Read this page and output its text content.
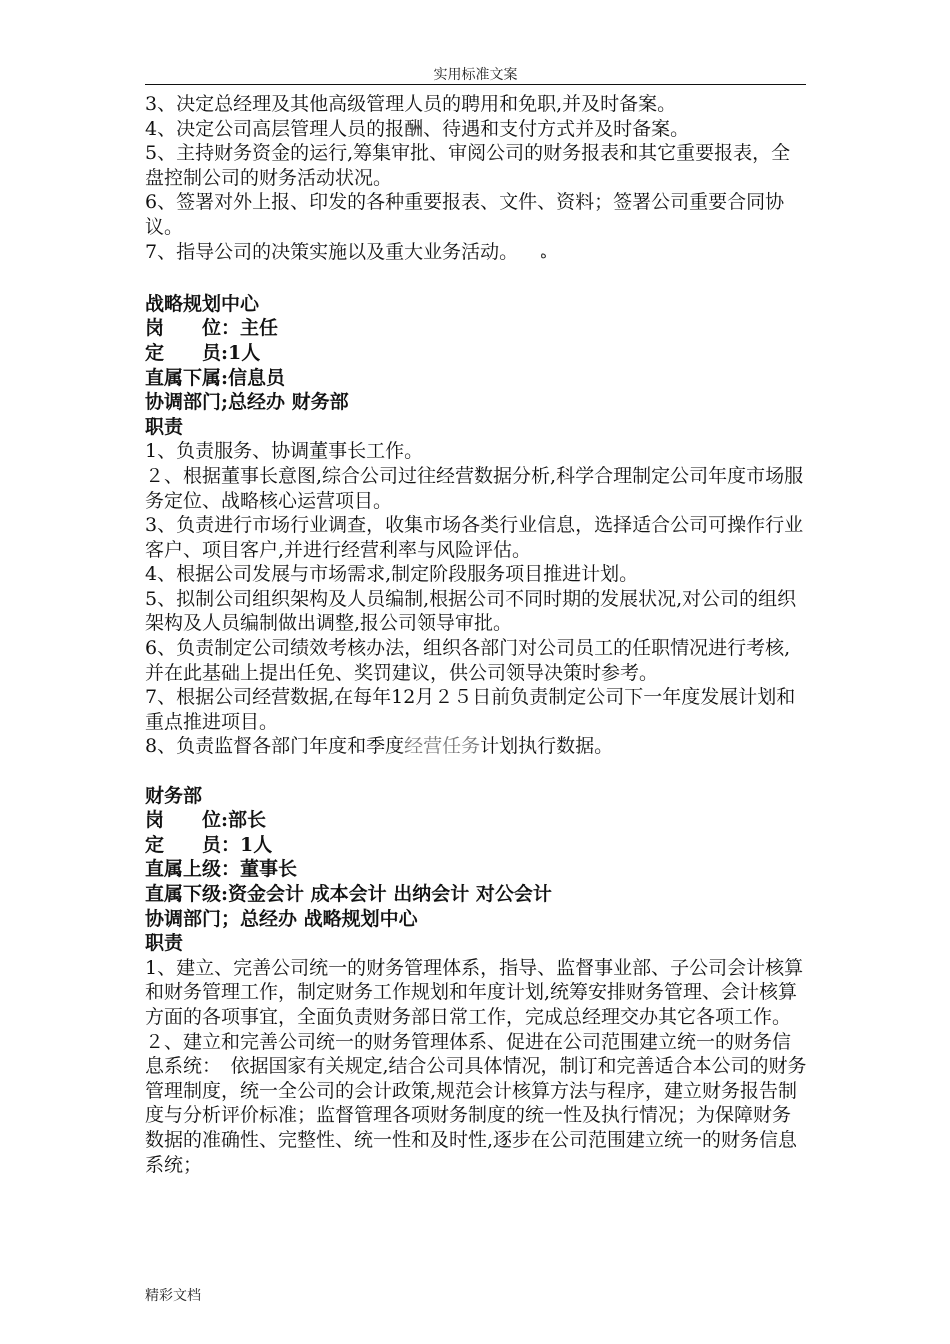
实用标准文案

3、决定总经理及其他高级管理人员的聘用和免职,并及时备案。

4、决定公司高层管理人员的报酬、待遇和支付方式并及时备案。

5、主持财务资金的运行,筹集审批、审阅公司的财务报表和其它重要报表，全盘控制公司的财务活动状况。

6、签署对外上报、印发的各种重要报表、文件、资料；签署公司重要合同协议。

7、指导公司的决策实施以及重大业务活动。 ه

战略规划中心

岗　　位：主任

定　　员:1人

直属下属:信息员

协调部门;总经办 财务部

职责

1、负责服务、协调董事长工作。

２、根据董事长意图,综合公司过往经营数据分析,科学合理制定公司年度市场服务定位、战略核心运营项目。

3、负责进行市场行业调查，收集市场各类行业信息，选择适合公司可操作行业客户、项目客户,并进行经营利率与风险评估。

4、根据公司发展与市场需求,制定阶段服务项目推进计划。

5、拟制公司组织架构及人员编制,根据公司不同时期的发展状况,对公司的组织架构及人员编制做出调整,报公司领导审批。

6、负责制定公司绩效考核办法，组织各部门对公司员工的任职情况进行考核,并在此基础上提出任免、奖罚建议，供公司领导决策时参考。

7、根据公司经营数据,在每年12月２５日前负责制定公司下一年度发展计划和重点推进项目。

8、负责监督各部门年度和季度经营任务计划执行数据。

财务部

岗　　位:部长

定　　员：1人

直属上级：董事长

直属下级:资金会计 成本会计 出纳会计 对公会计

协调部门；总经办 战略规划中心

职责

1、建立、完善公司统一的财务管理体系，指导、监督事业部、子公司会计核算和财务管理工作，制定财务工作规划和年度计划,统筹安排财务管理、会计核算方面的各项事宜，全面负责财务部日常工作，完成总经理交办其它各项工作。

２、建立和完善公司统一的财务管理体系、促进在公司范围建立统一的财务信息系统：　依据国家有关规定,结合公司具体情况，制订和完善适合本公司的财务管理制度，统一全公司的会计政策,规范会计核算方法与程序，建立财务报告制度与分析评价标准；监督管理各项财务制度的统一性及执行情况；为保障财务数据的准确性、完整性、统一性和及时性,逐步在公司范围建立统一的财务信息系统；

精彩文档
